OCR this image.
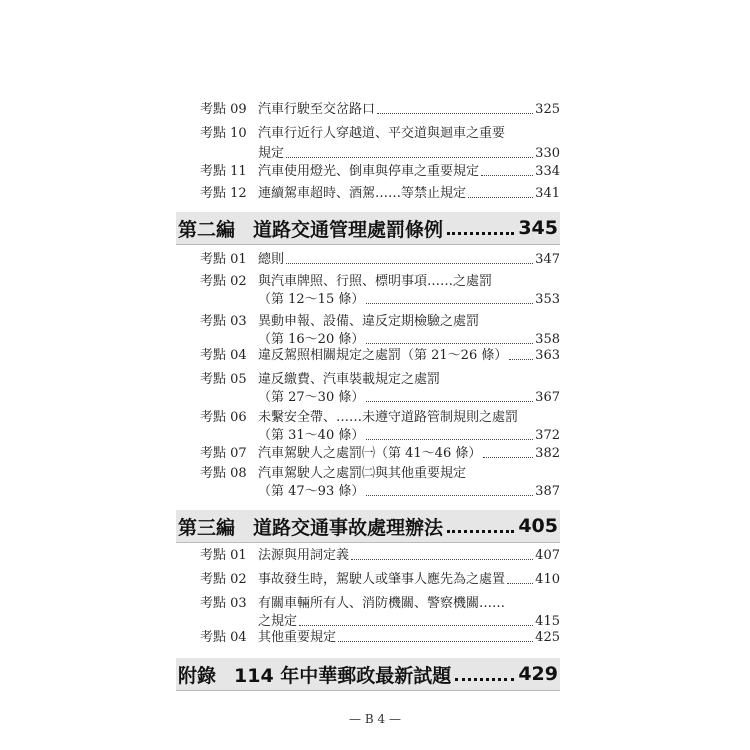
考點 09 汽車行駛至交岔路口	325
考點 10 汽車行近行人穿越道、平交道與迴車之重要
規定	330
考點 11 汽車使用燈光、倒車與停車之重要規定	334
考點 12 連續駕車超時、酒駕……等禁止規定	341
第二編 道路交通管理處罰條例	345
考點 01 總則	347
考點 02 與汽車牌照、行照、標明事項……之處罰
（第 12～15 條）	353
考點 03 異動申報、設備、違反定期檢驗之處罰
（第 16～20 條）	358
考點 04 違反駕照相關規定之處罰（第 21～26 條） 363
考點 05 違反繳費、汽車裝載規定之處罰
（第 27～30 條）	367
考點 06 未繫安全帶、……未遵守道路管制規則之處罰
（第 31～40 條）	372
考點 07 汽車駕駛人之處罰㈠（第 41～46 條）	382
考點 08 汽車駕駛人之處罰㈡與其他重要規定
（第 47～93 條）	387
第三編 道路交通事故處理辦法	405
考點 01 法源與用詞定義	407
考點 02 事故發生時，駕駛人或肇事人應先為之處置 410
考點 03 有關車輛所有人、消防機關、警察機關……
之規定	415
考點 04 其他重要規定	425
附錄 114 年中華郵政最新試題	429
— B 4 —
